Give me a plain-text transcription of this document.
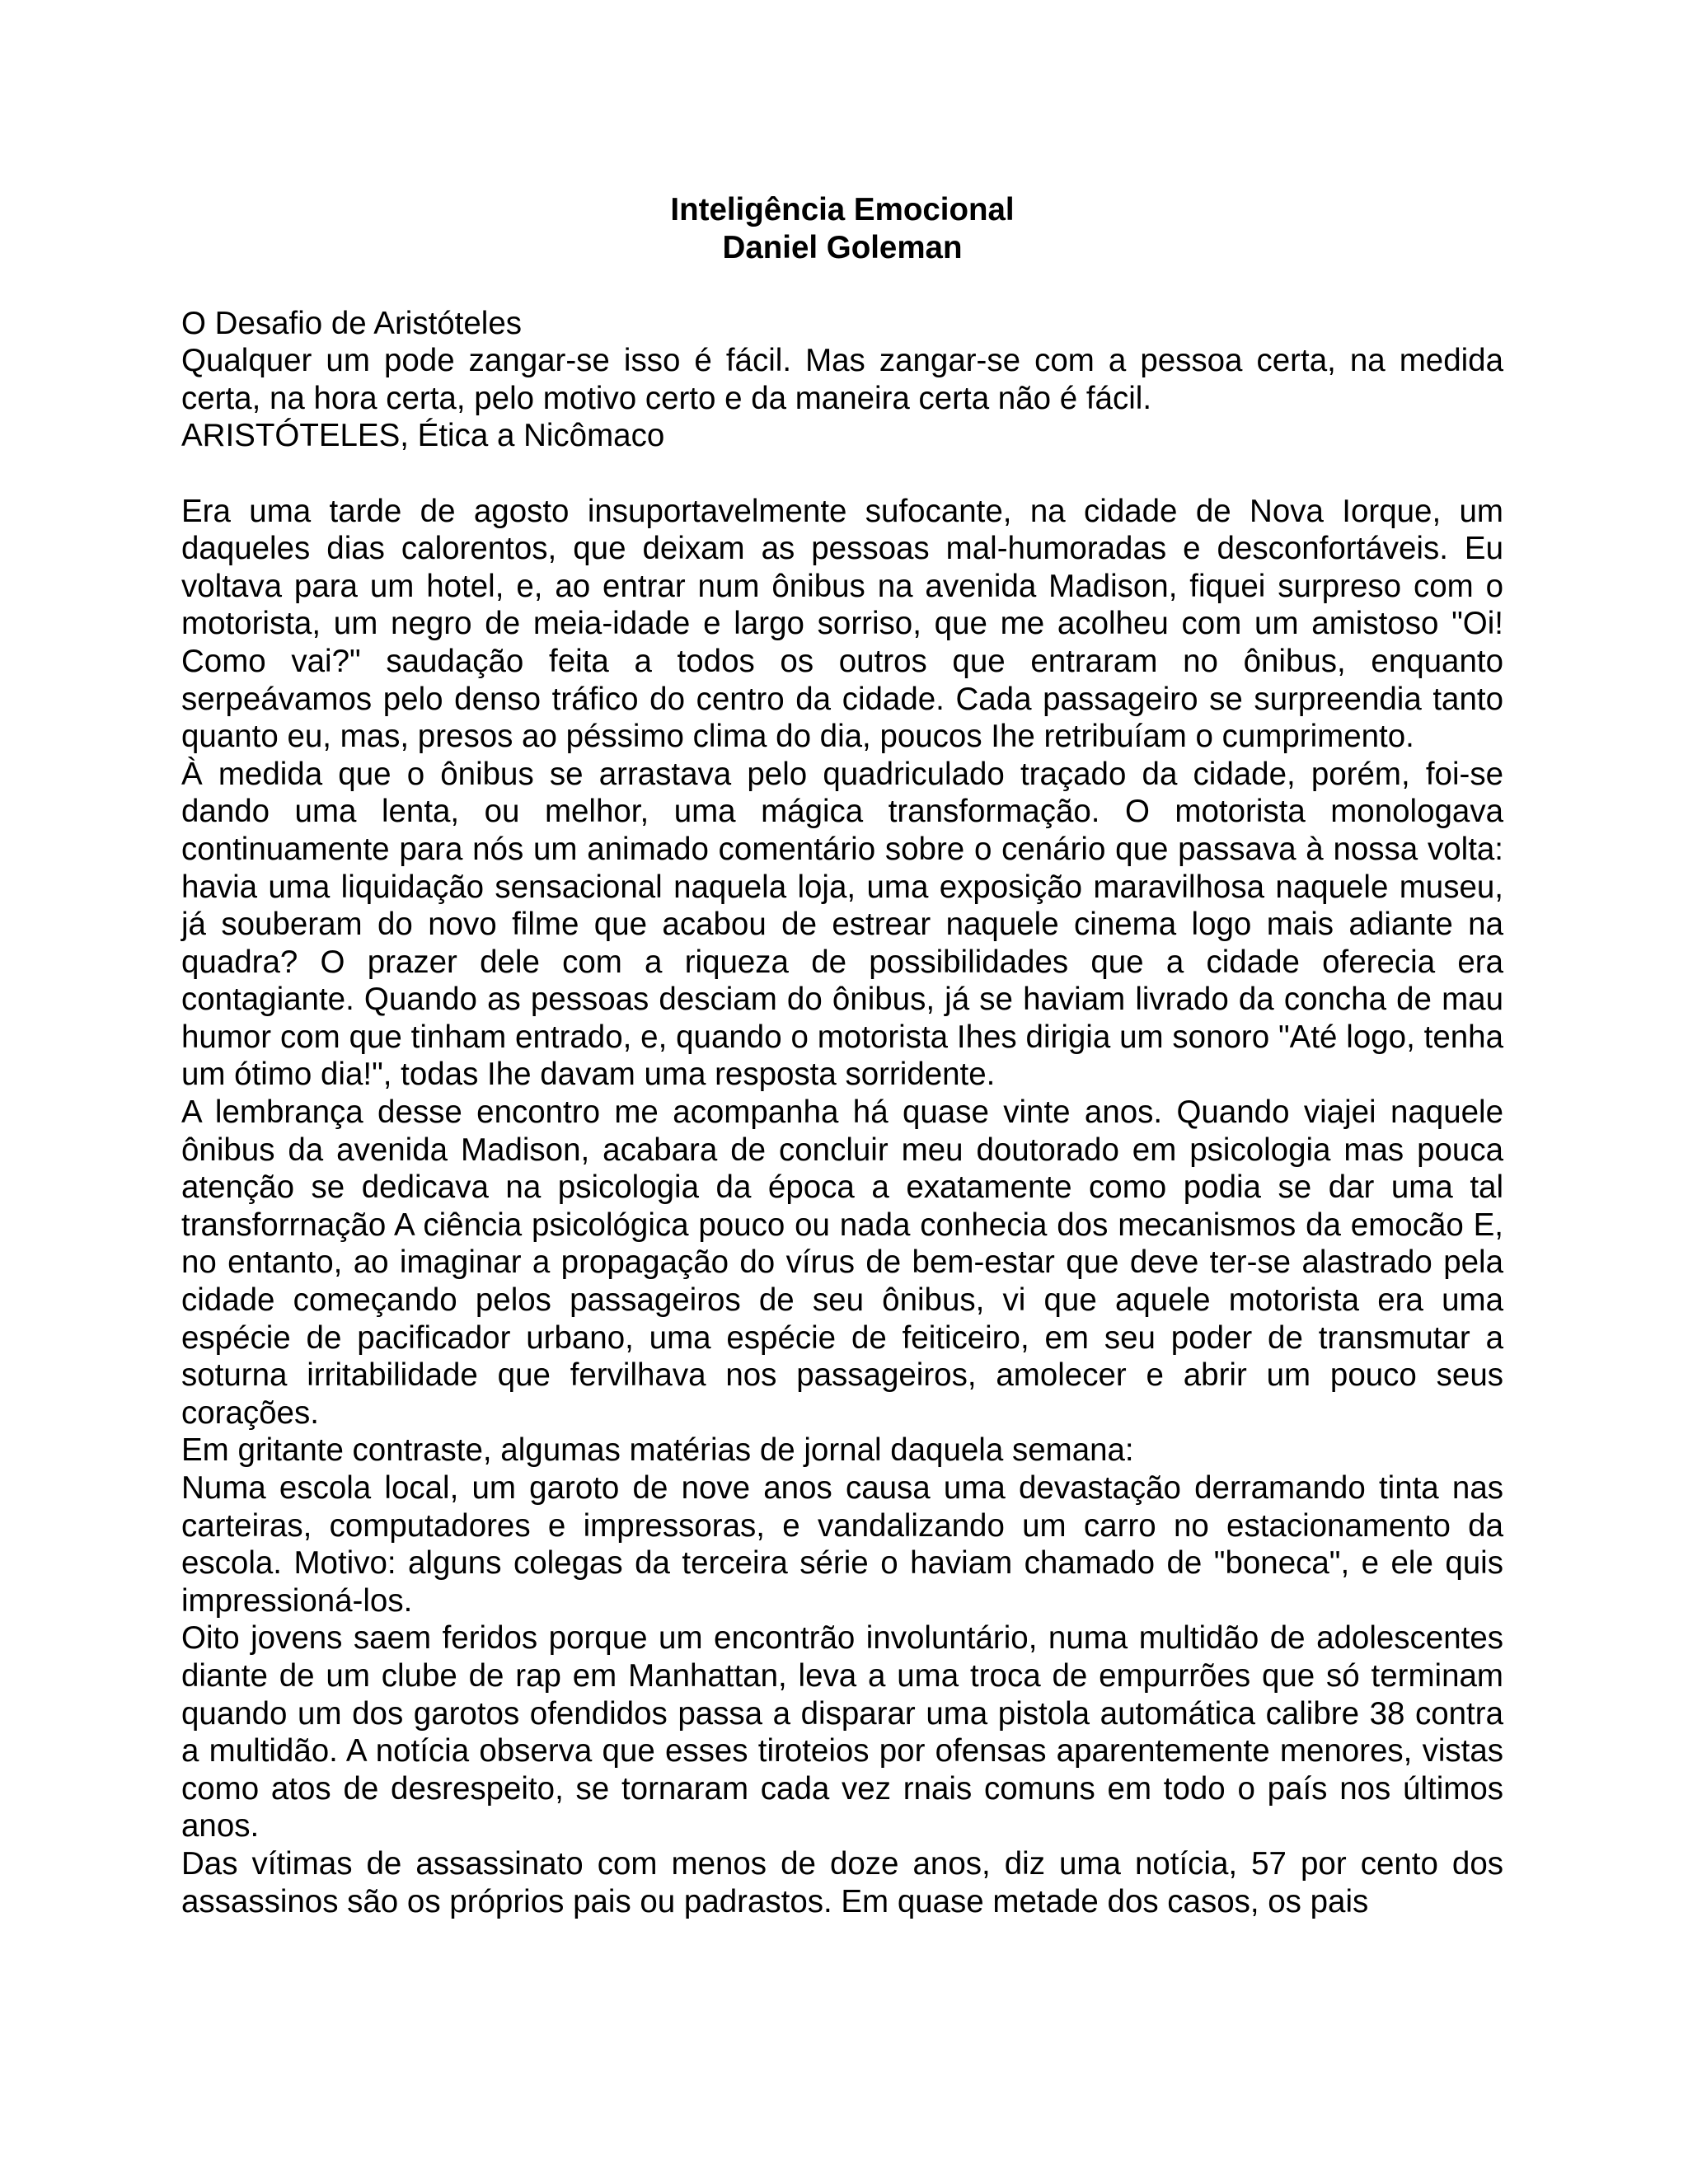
Inteligência Emocional
Daniel Goleman
O Desafio de Aristóteles

Qualquer um pode zangar-se isso é fácil. Mas zangar-se com a pessoa certa, na medida certa, na hora certa, pelo motivo certo e da maneira certa não é fácil.

ARISTÓTELES, Ética a Nicômaco

Era uma tarde de agosto insuportavelmente sufocante, na cidade de Nova Iorque, um daqueles dias calorentos, que deixam as pessoas mal-humoradas e desconfortáveis. Eu voltava para um hotel, e, ao entrar num ônibus na avenida Madison, fiquei surpreso com o motorista, um negro de meia-idade e largo sorriso, que me acolheu com um amistoso "Oi! Como vai?" saudação feita a todos os outros que entraram no ônibus, enquanto serpeávamos pelo denso tráfico do centro da cidade. Cada passageiro se surpreendia tanto quanto eu, mas, presos ao péssimo clima do dia, poucos Ihe retribuíam o cumprimento.

À medida que o ônibus se arrastava pelo quadriculado traçado da cidade, porém, foi-se dando uma lenta, ou melhor, uma mágica transformação. O motorista monologava continuamente para nós um animado comentário sobre o cenário que passava à nossa volta: havia uma liquidação sensacional naquela loja, uma exposição maravilhosa naquele museu, já souberam do novo filme que acabou de estrear naquele cinema logo mais adiante na quadra? O prazer dele com a riqueza de possibilidades que a cidade oferecia era contagiante. Quando as pessoas desciam do ônibus, já se haviam livrado da concha de mau humor com que tinham entrado, e, quando o motorista Ihes dirigia um sonoro "Até logo, tenha um ótimo dia!", todas Ihe davam uma resposta sorridente.

A lembrança desse encontro me acompanha há quase vinte anos. Quando viajei naquele ônibus da avenida Madison, acabara de concluir meu doutorado em psicologia mas pouca atenção se dedicava na psicologia da época a exatamente como podia se dar uma tal transforrnação A ciência psicológica pouco ou nada conhecia dos mecanismos da emocão E, no entanto, ao imaginar a propagação do vírus de bem-estar que deve ter-se alastrado pela cidade começando pelos passageiros de seu ônibus, vi que aquele motorista era uma espécie de pacificador urbano, uma espécie de feiticeiro, em seu poder de transmutar a soturna irritabilidade que fervilhava nos passageiros, amolecer e abrir um pouco seus corações.

Em gritante contraste, algumas matérias de jornal daquela semana:

Numa escola local, um garoto de nove anos causa uma devastação derramando tinta nas carteiras, computadores e impressoras, e vandalizando um carro no estacionamento da escola. Motivo: alguns colegas da terceira série o haviam chamado de "boneca", e ele quis impressioná-los.

Oito jovens saem feridos porque um encontrão involuntário, numa multidão de adolescentes diante de um clube de rap em Manhattan, leva a uma troca de empurrões que só terminam quando um dos garotos ofendidos passa a disparar uma pistola automática calibre 38 contra a multidão. A notícia observa que esses tiroteios por ofensas aparentemente menores, vistas como atos de desrespeito, se tornaram cada vez rnais comuns em todo o país nos últimos anos.

Das vítimas de assassinato com menos de doze anos, diz uma notícia, 57 por cento dos assassinos são os próprios pais ou padrastos. Em quase metade dos casos, os pais
